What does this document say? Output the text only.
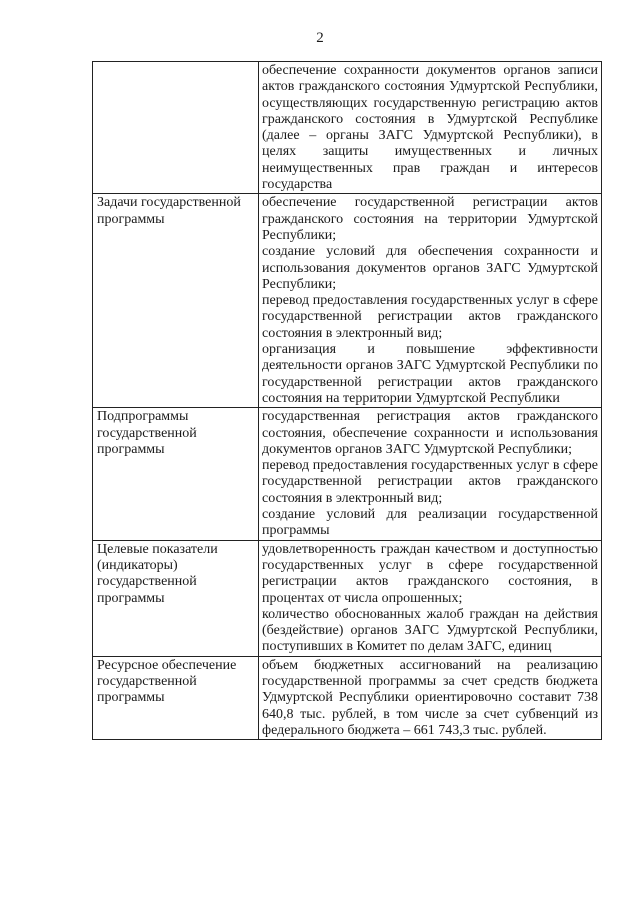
2

	обеспечение сохранности документов органов записи актов гражданского состояния Удмуртской Республики, осуществляющих государственную регистрацию актов гражданского состояния в Удмуртской Республике (далее – органы ЗАГС Удмуртской Республики), в целях защиты имущественных и личных неимущественных прав граждан и интересов государства

Задачи государственной программы	обеспечение государственной регистрации актов гражданского состояния на территории Удмуртской Республики;
создание условий для обеспечения сохранности и использования документов органов ЗАГС Удмуртской Республики;
перевод предоставления государственных услуг в сфере государственной регистрации актов гражданского состояния в электронный вид;
организация и повышение эффективности деятельности органов ЗАГС Удмуртской Республики по государственной регистрации актов гражданского состояния на территории Удмуртской Республики

Подпрограммы государственной программы	государственная регистрация актов гражданского состояния, обеспечение сохранности и использования документов органов ЗАГС Удмуртской Республики;
перевод предоставления государственных услуг в сфере государственной регистрации актов гражданского состояния в электронный вид;
создание условий для реализации государственной программы

Целевые показатели (индикаторы) государственной программы	удовлетворенность граждан качеством и доступностью государственных услуг в сфере государственной регистрации актов гражданского состояния, в процентах от числа опрошенных;
количество обоснованных жалоб граждан на действия (бездействие) органов ЗАГС Удмуртской Республики, поступивших в Комитет по делам ЗАГС, единиц

Ресурсное обеспечение государственной программы	объем бюджетных ассигнований на реализацию государственной программы за счет средств бюджета Удмуртской Республики ориентировочно составит 738 640,8 тыс. рублей, в том числе за счет субвенций из федерального бюджета – 661 743,3 тыс. рублей.
